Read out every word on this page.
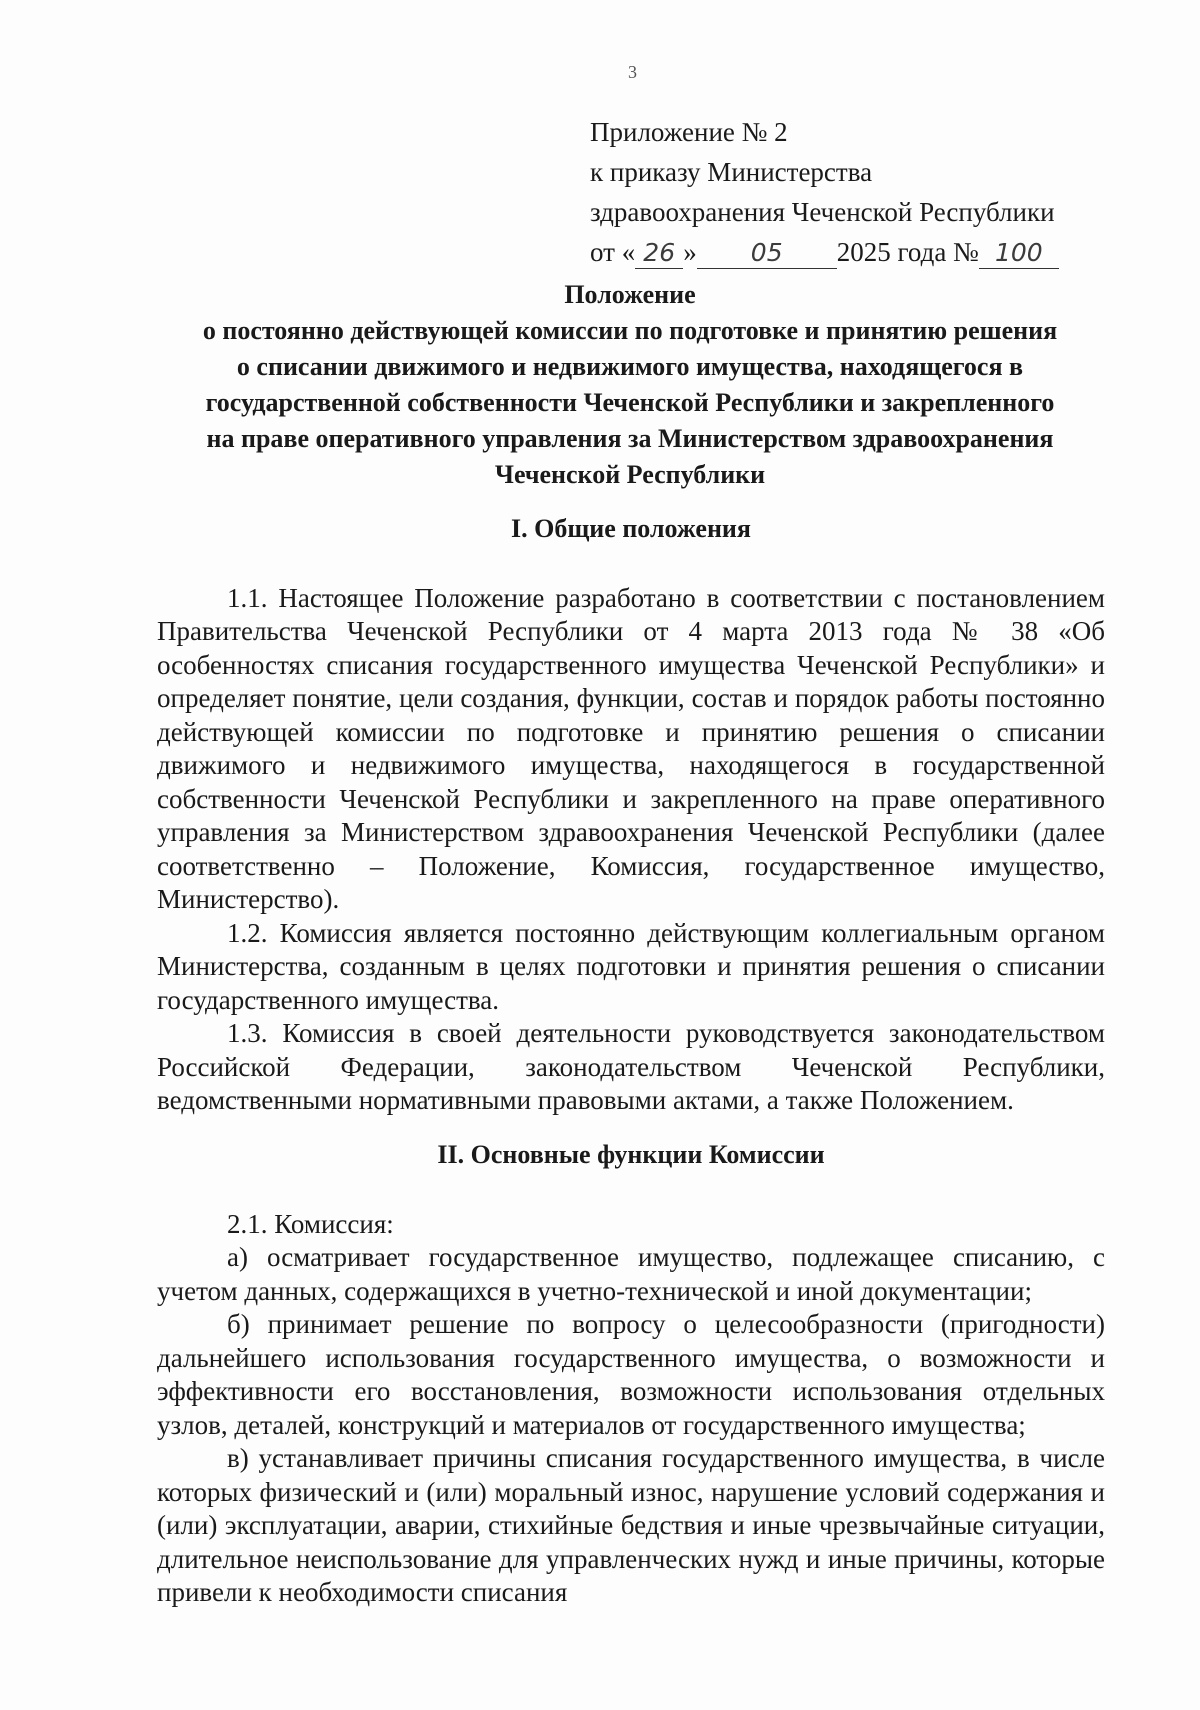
3
Приложение № 2
к приказу Министерства
здравоохранения Чеченской Республики
от « 26 » 05 2025 года № 100
Положение
о постоянно действующей комиссии по подготовке и принятию решения
о списании движимого и недвижимого имущества, находящегося в
государственной собственности Чеченской Республики и закрепленного
на праве оперативного управления за Министерством здравоохранения
Чеченской Республики

I. Общие положения

1.1. Настоящее Положение разработано в соответствии с постановлением Правительства Чеченской Республики от 4 марта 2013 года № 38 «Об особенностях списания государственного имущества Чеченской Республики» и определяет понятие, цели создания, функции, состав и порядок работы постоянно действующей комиссии по подготовке и принятию решения о списании движимого и недвижимого имущества, находящегося в государственной собственности Чеченской Республики и закрепленного на праве оперативного управления за Министерством здравоохранения Чеченской Республики (далее соответственно – Положение, Комиссия, государственное имущество, Министерство).

1.2. Комиссия является постоянно действующим коллегиальным органом Министерства, созданным в целях подготовки и принятия решения о списании государственного имущества.

1.3. Комиссия в своей деятельности руководствуется законодательством Российской Федерации, законодательством Чеченской Республики, ведомственными нормативными правовыми актами, а также Положением.

II. Основные функции Комиссии

2.1. Комиссия:

а) осматривает государственное имущество, подлежащее списанию, с учетом данных, содержащихся в учетно-технической и иной документации;

б) принимает решение по вопросу о целесообразности (пригодности) дальнейшего использования государственного имущества, о возможности и эффективности его восстановления, возможности использования отдельных узлов, деталей, конструкций и материалов от государственного имущества;

в) устанавливает причины списания государственного имущества, в числе которых физический и (или) моральный износ, нарушение условий содержания и (или) эксплуатации, аварии, стихийные бедствия и иные чрезвычайные ситуации, длительное неиспользование для управленческих нужд и иные причины, которые привели к необходимости списания
